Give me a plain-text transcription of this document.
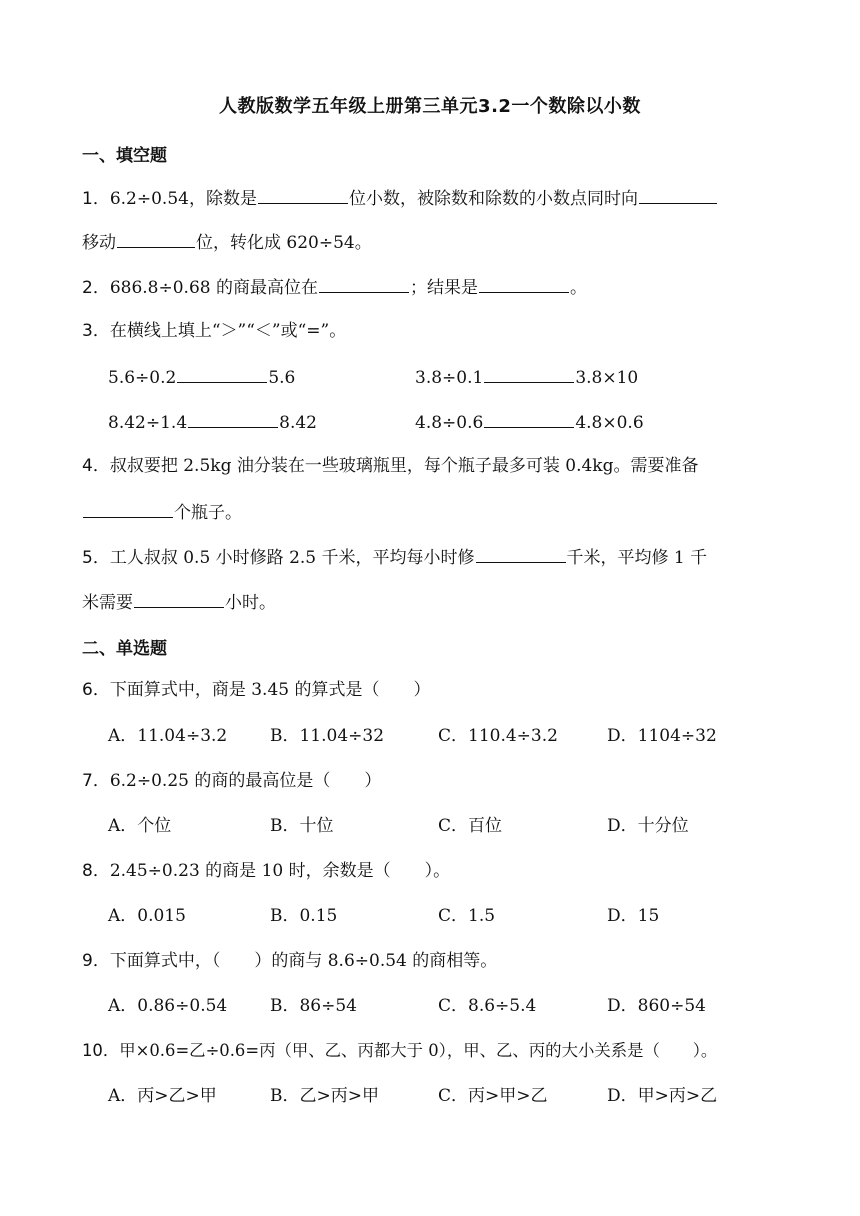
人教版数学五年级上册第三单元3.2一个数除以小数
一、填空题
1．6.2÷0.54，除数是	位小数，被除数和除数的小数点同时向
移动	位，转化成 620÷54。
2．686.8÷0.68 的商最高位在	；结果是	。
3．在横线上填上“＞”“＜”或“=”。
5.6÷0.2	5.6	3.8÷0.1	3.8×10
8.42÷1.4	8.42	4.8÷0.6	4.8×0.6
4．叔叔要把 2.5kg 油分装在一些玻璃瓶里，每个瓶子最多可装 0.4kg。需要准备
个瓶子。
5．工人叔叔 0.5 小时修路 2.5 千米，平均每小时修	千米，平均修 1 千
米需要	小时。
二、单选题
6．下面算式中，商是 3.45 的算式是（　　）
A．11.04÷3.2	B．11.04÷32	C．110.4÷3.2	D．1104÷32
7．6.2÷0.25 的商的最高位是（　　）
A．个位	B．十位	C．百位	D．十分位
8．2.45÷0.23 的商是 10 时，余数是（　　）。
A．0.015	B．0.15	C．1.5	D．15
9．下面算式中，（　　）的商与 8.6÷0.54 的商相等。
A．0.86÷0.54	B．86÷54	C．8.6÷5.4	D．860÷54
10．甲×0.6=乙÷0.6=丙（甲、乙、丙都大于 0），甲、乙、丙的大小关系是（　　）。
A．丙>乙>甲	B．乙>丙>甲	C．丙>甲>乙	D．甲>丙>乙
